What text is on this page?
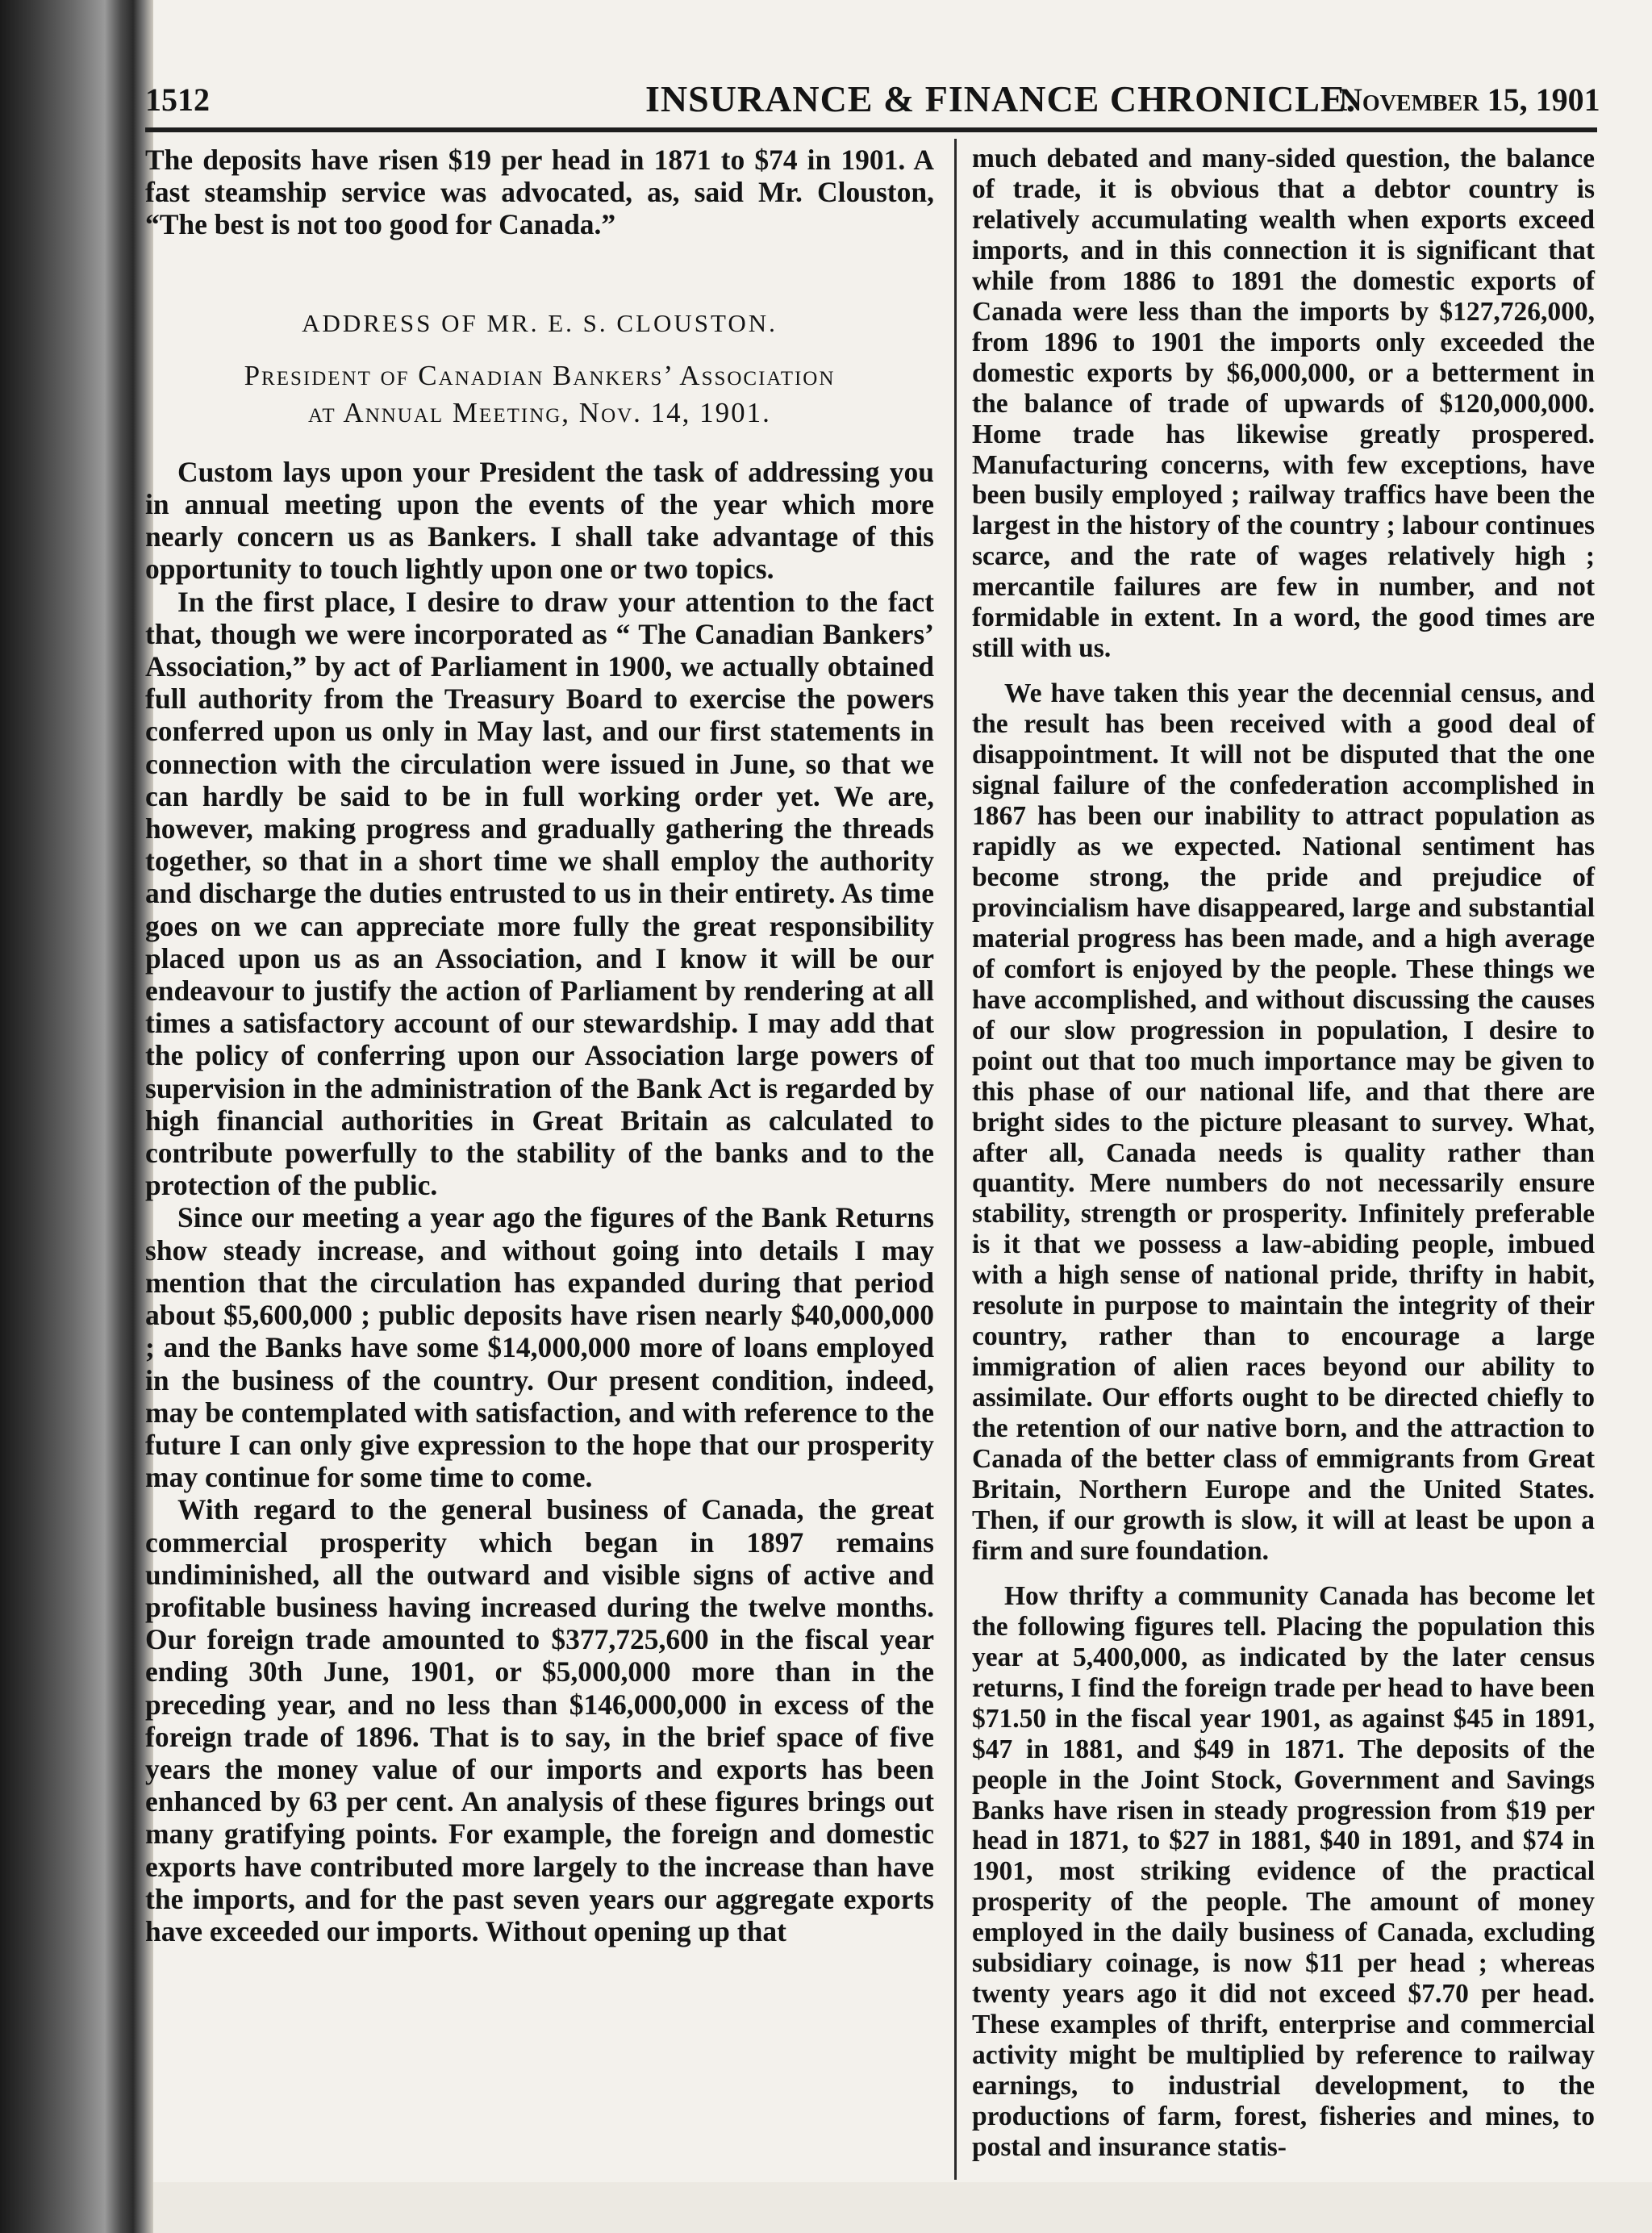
1512	INSURANCE & FINANCE CHRONICLE.
November 15, 1901

The deposits have risen $19 per head in 1871 to $74 in 1901. A fast steamship service was advocated, as, said Mr. Clouston, “The best is not too good for Canada.”

ADDRESS OF MR. E. S. CLOUSTON.
President of Canadian Bankers’ Association
at Annual Meeting, Nov. 14, 1901.

Custom lays upon your President the task of addressing you in annual meeting upon the events of the year which more nearly concern us as Bankers. I shall take advantage of this opportunity to touch lightly upon one or two topics.

In the first place, I desire to draw your attention to the fact that, though we were incorporated as “ The Canadian Bankers’ Association,” by act of Parliament in 1900, we actually obtained full authority from the Treasury Board to exercise the powers conferred upon us only in May last, and our first statements in connection with the circulation were issued in June, so that we can hardly be said to be in full working order yet. We are, however, making progress and gradually gathering the threads together, so that in a short time we shall employ the authority and discharge the duties entrusted to us in their entirety. As time goes on we can appreciate more fully the great responsibility placed upon us as an Association, and I know it will be our endeavour to justify the action of Parliament by rendering at all times a satisfactory account of our stewardship. I may add that the policy of conferring upon our Association large powers of supervision in the administration of the Bank Act is regarded by high financial authorities in Great Britain as calculated to contribute powerfully to the stability of the banks and to the protection of the public.

Since our meeting a year ago the figures of the Bank Returns show steady increase, and without going into details I may mention that the circulation has expanded during that period about $5,600,000 ; public deposits have risen nearly $40,000,000 ; and the Banks have some $14,000,000 more of loans employed in the business of the country. Our present condition, indeed, may be contemplated with satisfaction, and with reference to the future I can only give expression to the hope that our prosperity may continue for some time to come.

With regard to the general business of Canada, the great commercial prosperity which began in 1897 remains undiminished, all the outward and visible signs of active and profitable business having increased during the twelve months. Our foreign trade amounted to $377,725,600 in the fiscal year ending 30th June, 1901, or $5,000,000 more than in the preceding year, and no less than $146,000,000 in excess of the foreign trade of 1896. That is to say, in the brief space of five years the money value of our imports and exports has been enhanced by 63 per cent. An analysis of these figures brings out many gratifying points. For example, the foreign and domestic exports have contributed more largely to the increase than have the imports, and for the past seven years our aggregate exports have exceeded our imports. Without opening up that

much debated and many-sided question, the balance of trade, it is obvious that a debtor country is relatively accumulating wealth when exports exceed imports, and in this connection it is significant that while from 1886 to 1891 the domestic exports of Canada were less than the imports by $127,726,000, from 1896 to 1901 the imports only exceeded the domestic exports by $6,000,000, or a betterment in the balance of trade of upwards of $120,000,000. Home trade has likewise greatly prospered. Manufacturing concerns, with few exceptions, have been busily employed ; railway traffics have been the largest in the history of the country ; labour continues scarce, and the rate of wages relatively high ; mercantile failures are few in number, and not formidable in extent. In a word, the good times are still with us.

We have taken this year the decennial census, and the result has been received with a good deal of disappointment. It will not be disputed that the one signal failure of the confederation accomplished in 1867 has been our inability to attract population as rapidly as we expected. National sentiment has become strong, the pride and prejudice of provincialism have disappeared, large and substantial material progress has been made, and a high average of comfort is enjoyed by the people. These things we have accomplished, and without discussing the causes of our slow progression in population, I desire to point out that too much importance may be given to this phase of our national life, and that there are bright sides to the picture pleasant to survey. What, after all, Canada needs is quality rather than quantity. Mere numbers do not necessarily ensure stability, strength or prosperity. Infinitely preferable is it that we possess a law-abiding people, imbued with a high sense of national pride, thrifty in habit, resolute in purpose to maintain the integrity of their country, rather than to encourage a large immigration of alien races beyond our ability to assimilate. Our efforts ought to be directed chiefly to the retention of our native born, and the attraction to Canada of the better class of emmigrants from Great Britain, Northern Europe and the United States. Then, if our growth is slow, it will at least be upon a firm and sure foundation.

How thrifty a community Canada has become let the following figures tell. Placing the population this year at 5,400,000, as indicated by the later census returns, I find the foreign trade per head to have been $71.50 in the fiscal year 1901, as against $45 in 1891, $47 in 1881, and $49 in 1871. The deposits of the people in the Joint Stock, Government and Savings Banks have risen in steady progression from $19 per head in 1871, to $27 in 1881, $40 in 1891, and $74 in 1901, most striking evidence of the practical prosperity of the people. The amount of money employed in the daily business of Canada, excluding subsidiary coinage, is now $11 per head ; whereas twenty years ago it did not exceed $7.70 per head. These examples of thrift, enterprise and commercial activity might be multiplied by reference to railway earnings, to industrial development, to the productions of farm, forest, fisheries and mines, to postal and insurance statis-
